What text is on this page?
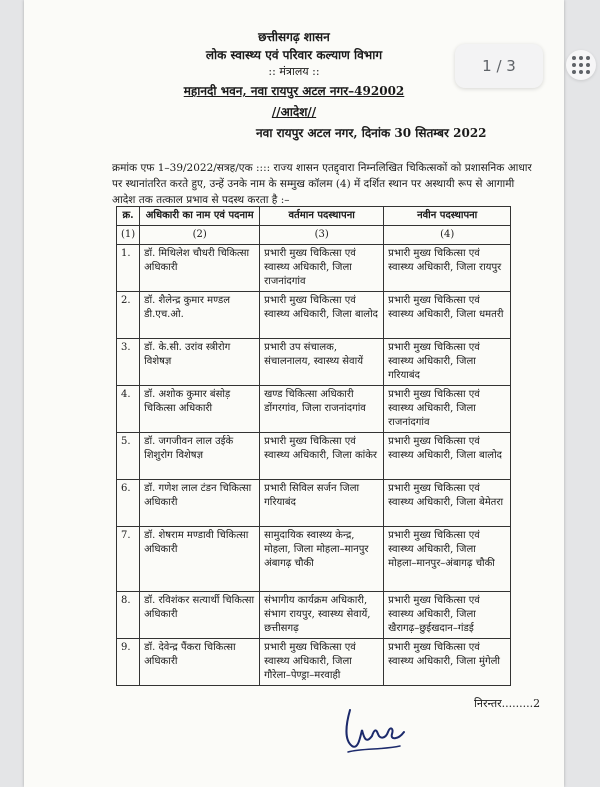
छत्तीसगढ़ शासन
लोक स्वास्थ्य एवं परिवार कल्याण विभाग
:: मंत्रालय ::
महानदी भवन, नवा रायपुर अटल नगर–492002
//आदेश//
नवा रायपुर अटल नगर, दिनांक 30 सितम्बर 2022
क्रमांक एफ 1–39/2022/सत्रह/एक :::: राज्य शासन एतद्द्वारा निम्नलिखित चिकित्सकों को प्रशासनिक आधार पर स्थानांतरित करते हुए, उन्हें उनके नाम के सम्मुख कॉलम (4) में दर्शित स्थान पर अस्थायी रूप से आगामी आदेश तक तत्काल प्रभाव से पदस्थ करता है :–
क्र.	अधिकारी का नाम एवं पदनाम	वर्तमान पदस्थापना	नवीन पदस्थापना
(1)	(2)	(3)	(4)
1.	डॉ. मिथिलेश चौधरी चिकित्सा अधिकारी	प्रभारी मुख्य चिकित्सा एवं स्वास्थ्य अधिकारी, जिला राजनांदगांव	प्रभारी मुख्य चिकित्सा एवं स्वास्थ्य अधिकारी, जिला रायपुर
2.	डॉ. शैलेन्द्र कुमार मण्डल डी.एच.ओ.	प्रभारी मुख्य चिकित्सा एवं स्वास्थ्य अधिकारी, जिला बालोद	प्रभारी मुख्य चिकित्सा एवं स्वास्थ्य अधिकारी, जिला धमतरी
3.	डॉ. के.सी. उरांव स्त्रीरोग विशेषज्ञ	प्रभारी उप संचालक, संचालनालय, स्वास्थ्य सेवायें	प्रभारी मुख्य चिकित्सा एवं स्वास्थ्य अधिकारी, जिला गरियाबंद
4.	डॉ. अशोक कुमार बंसोड़ चिकित्सा अधिकारी	खण्ड चिकित्सा अधिकारी डोंगरगांव, जिला राजनांदगांव	प्रभारी मुख्य चिकित्सा एवं स्वास्थ्य अधिकारी, जिला राजनांदगांव
5.	डॉ. जगजीवन लाल उईके शिशुरोग विशेषज्ञ	प्रभारी मुख्य चिकित्सा एवं स्वास्थ्य अधिकारी, जिला कांकेर	प्रभारी मुख्य चिकित्सा एवं स्वास्थ्य अधिकारी, जिला बालोद
6.	डॉ. गणेश लाल टंडन चिकित्सा अधिकारी	प्रभारी सिविल सर्जन जिला गरियाबंद	प्रभारी मुख्य चिकित्सा एवं स्वास्थ्य अधिकारी, जिला बेमेतरा
7.	डॉ. शेषराम मण्डावी चिकित्सा अधिकारी	सामुदायिक स्वास्थ्य केन्द्र, मोहला, जिला मोहला–मानपुर अंबागढ़ चौकी	प्रभारी मुख्य चिकित्सा एवं स्वास्थ्य अधिकारी, जिला मोहला–मानपुर–अंबागढ़ चौकी
8.	डॉ. रविशंकर सत्यार्थी चिकित्सा अधिकारी	संभागीय कार्यक्रम अधिकारी, संभाग रायपुर, स्वास्थ्य सेवायें, छत्तीसगढ़	प्रभारी मुख्य चिकित्सा एवं स्वास्थ्य अधिकारी, जिला खैरागढ़–छुईखदान–गंडई
9.	डॉ. देवेन्द्र पैंकरा चिकित्सा अधिकारी	प्रभारी मुख्य चिकित्सा एवं स्वास्थ्य अधिकारी, जिला गौरेला–पेण्ड्रा–मरवाही	प्रभारी मुख्य चिकित्सा एवं स्वास्थ्य अधिकारी, जिला मुंगेली
निरन्तर.........2
1 / 3
